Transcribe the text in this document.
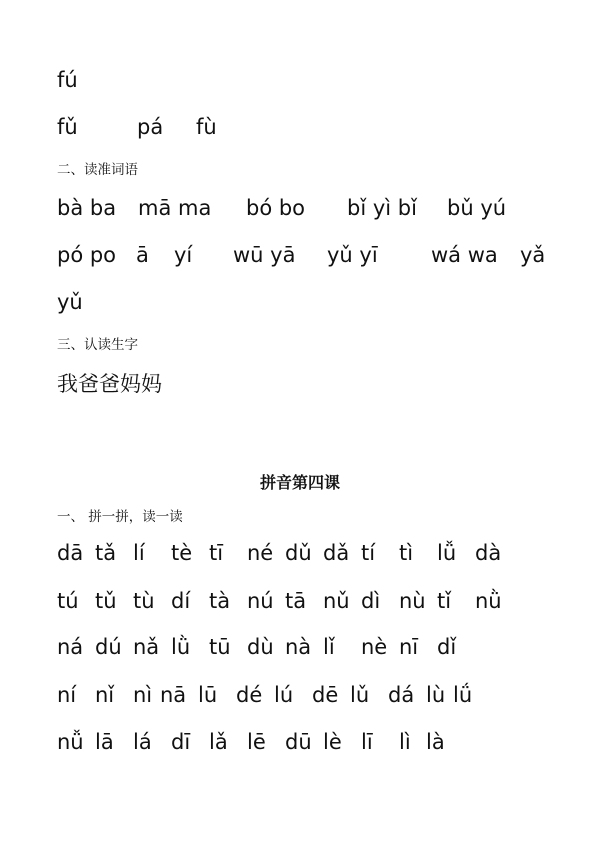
fú
fǔ	pá fù
二、读准词语
bà ba mā ma bó bo bǐ yì bǐ bǔ yú
pó po ā yí wū yā yǔ yī	wá wa yǎ
yǔ
三、认读生字
我爸爸妈妈
拼音第四课
一、 拼一拼，读一读
dā tǎ lí tè tī né dǔ dǎ tí tì lǚ dà
tú tǔ tù dí tà nú tā nǔ dì nù tǐ nǜ
ná dú nǎ lǜ tū dù nà lǐ nè nī dǐ
ní nǐ nì nā lū dé lú dē lǔ dá lù lǘ
nǚ lā lá dī lǎ lē dū lè lī lì là
